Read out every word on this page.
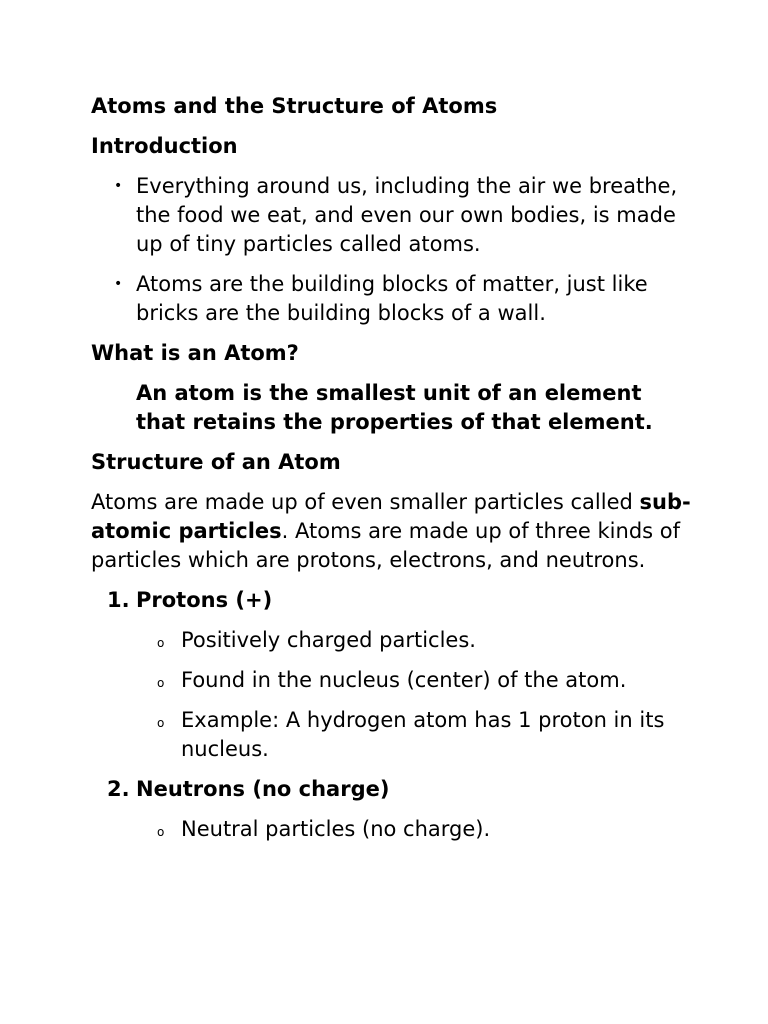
Atoms and the Structure of Atoms
Introduction
• Everything around us, including the air we breathe, the food we eat, and even our own bodies, is made up of tiny particles called atoms.
• Atoms are the building blocks of matter, just like bricks are the building blocks of a wall.
What is an Atom?

An atom is the smallest unit of an element that retains the properties of that element.

Structure of an Atom

Atoms are made up of even smaller particles called sub-atomic particles. Atoms are made up of three kinds of particles which are protons, electrons, and neutrons.

1. Protons (+)
o Positively charged particles.
o Found in the nucleus (center) of the atom.
o Example: A hydrogen atom has 1 proton in its nucleus.
2. Neutrons (no charge)
o Neutral particles (no charge).
